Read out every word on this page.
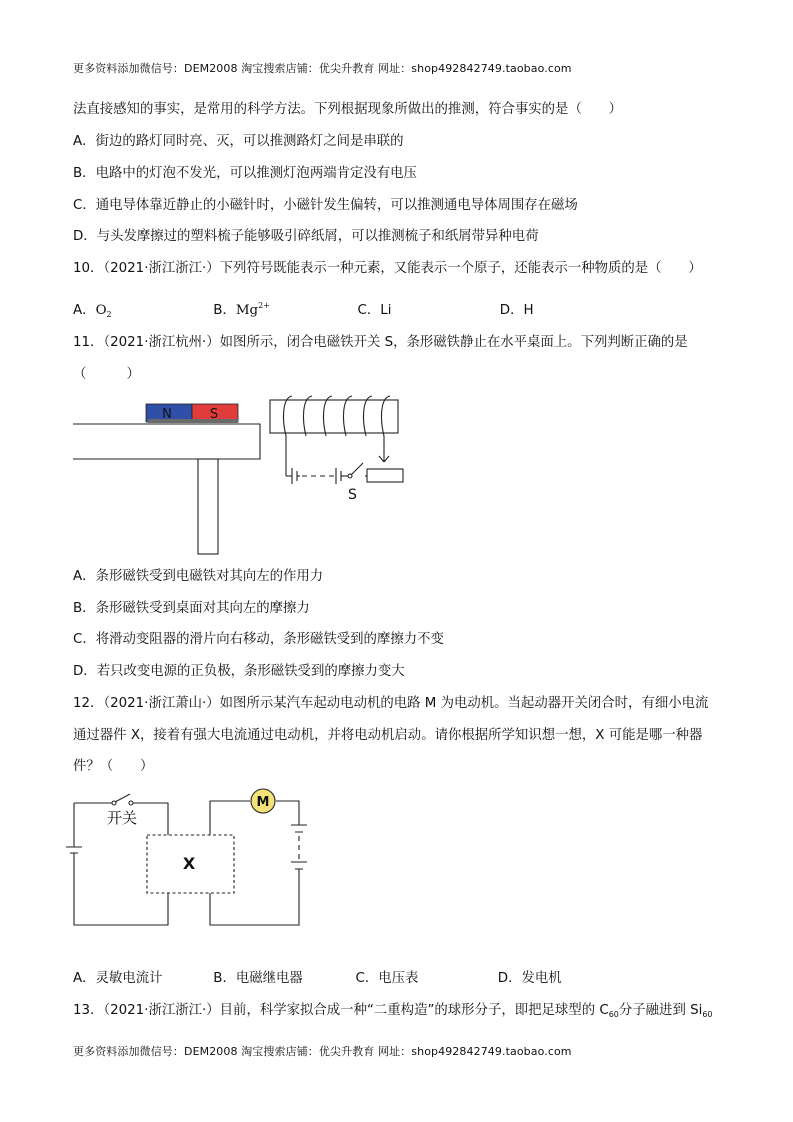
更多资料添加微信号：DEM2008 淘宝搜索店铺：优尖升教育 网址：shop492842749.taobao.com
法直接感知的事实，是常用的科学方法。下列根据现象所做出的推测，符合事实的是（　　）
A．街边的路灯同时亮、灭，可以推测路灯之间是串联的
B．电路中的灯泡不发光，可以推测灯泡两端肯定没有电压
C．通电导体靠近静止的小磁针时，小磁针发生偏转，可以推测通电导体周围存在磁场
D．与头发摩擦过的塑料梳子能够吸引碎纸屑，可以推测梳子和纸屑带异种电荷
10．（2021·浙江浙江·）下列符号既能表示一种元素，又能表示一个原子，还能表示一种物质的是（　　）
A．$O_2$	B．$Mg^{2+}$	C．Li	D．H
11．（2021·浙江杭州·）如图所示，闭合电磁铁开关 S，条形磁铁静止在水平桌面上。下列判断正确的是
（　　　）
N	S
S
A．条形磁铁受到电磁铁对其向左的作用力
B．条形磁铁受到桌面对其向左的摩擦力
C．将滑动变阻器的滑片向右移动，条形磁铁受到的摩擦力不变
D．若只改变电源的正负极，条形磁铁受到的摩擦力变大
12．（2021·浙江萧山·）如图所示某汽车起动电动机的电路 M 为电动机。当起动器开关闭合时，有细小电流
通过器件 X，接着有强大电流通过电动机，并将电动机启动。请你根据所学知识想一想，X 可能是哪一种器
件？（　　）
M
开关
X
A．灵敏电流计	B．电磁继电器	C．电压表	D．发电机
13．（2021·浙江浙江·）目前，科学家拟合成一种“二重构造”的球形分子，即把足球型的 $C_{60}$分子融进到 $Si_{60}$
更多资料添加微信号：DEM2008 淘宝搜索店铺：优尖升教育 网址：shop492842749.taobao.com
